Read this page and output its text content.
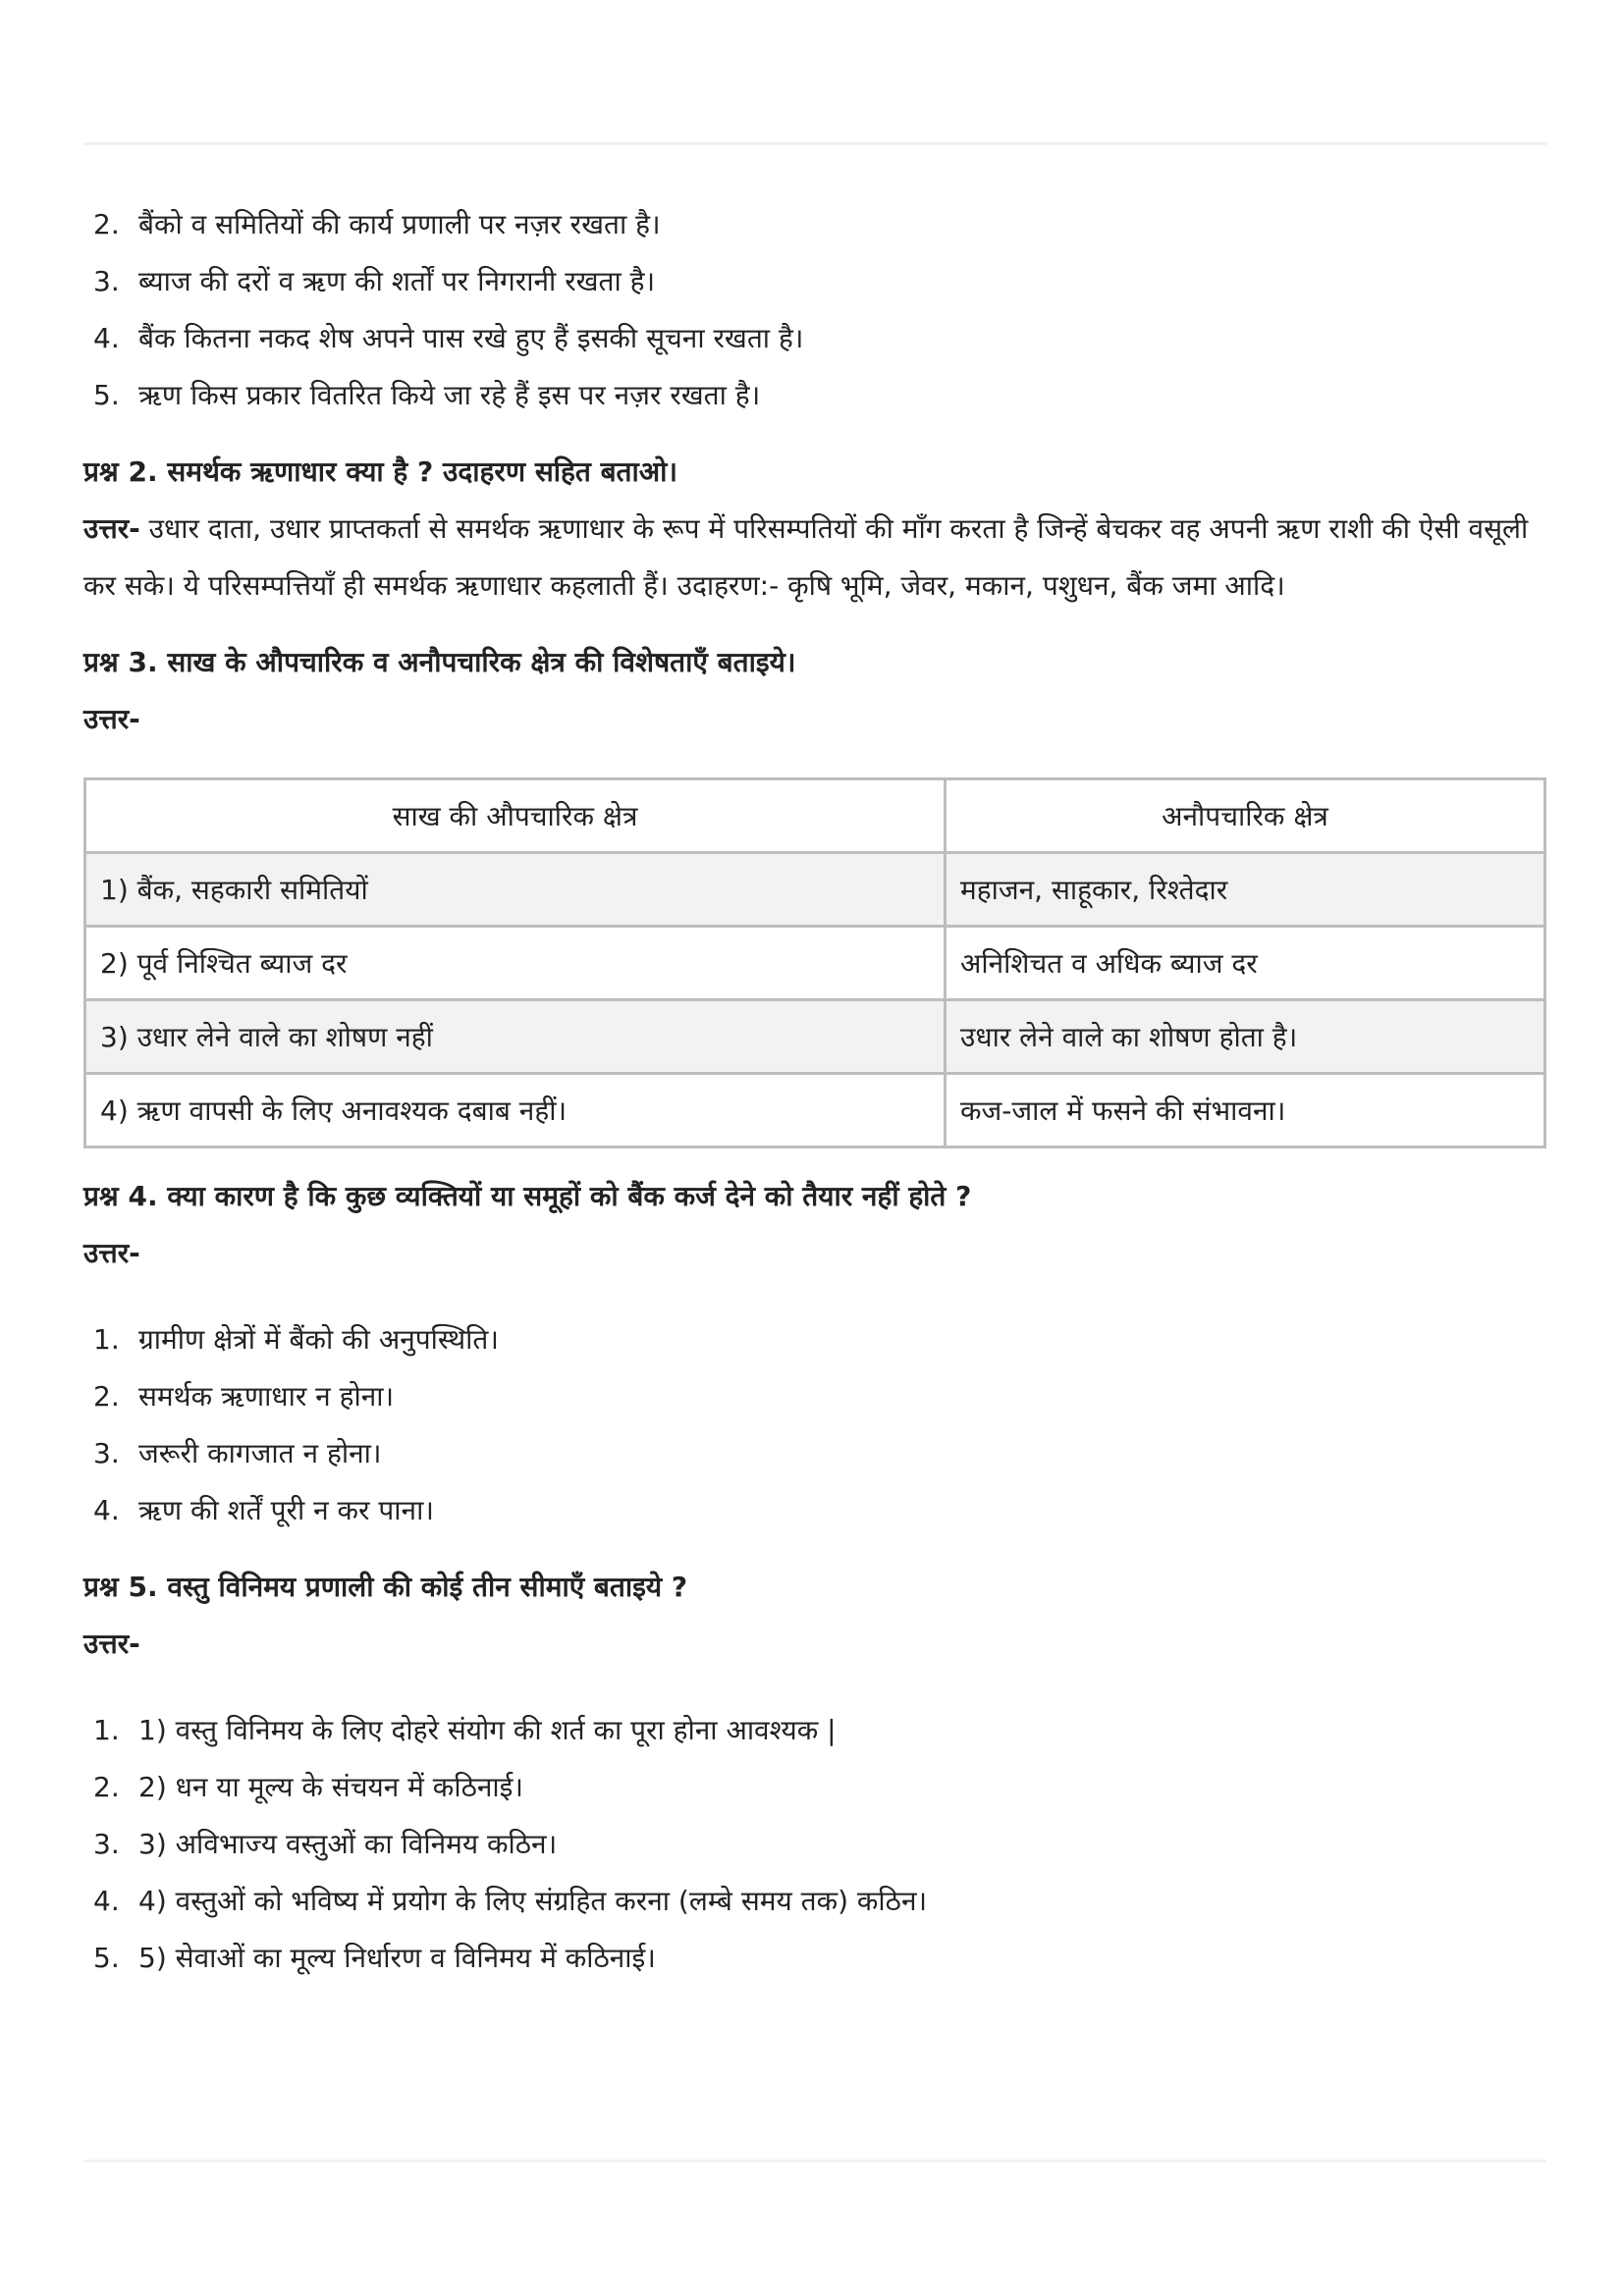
2. बैंको व समितियों की कार्य प्रणाली पर नज़र रखता है।
3. ब्याज की दरों व ऋण की शर्तों पर निगरानी रखता है।
4. बैंक कितना नकद शेष अपने पास रखे हुए हैं इसकी सूचना रखता है।
5. ऋण किस प्रकार वितरित किये जा रहे हैं इस पर नज़र रखता है।
प्रश्न 2. समर्थक ऋणाधार क्या है ? उदाहरण सहित बताओ।
उत्तर- उधार दाता, उधार प्राप्तकर्ता से समर्थक ऋणाधार के रूप में परिसम्पतियों की माँग करता है जिन्हें बेचकर वह अपनी ऋण राशी की ऐसी वसूली कर सके। ये परिसम्पत्तियाँ ही समर्थक ऋणाधार कहलाती हैं। उदाहरण:- कृषि भूमि, जेवर, मकान, पशुधन, बैंक जमा आदि।
प्रश्न 3. साख के औपचारिक व अनौपचारिक क्षेत्र की विशेषताएँ बताइये।
उत्तर-
साख की औपचारिक क्षेत्र	अनौपचारिक क्षेत्र
1) बैंक, सहकारी समितियों	महाजन, साहूकार, रिश्तेदार
2) पूर्व निश्चित ब्याज दर	अनिशिचत व अधिक ब्याज दर
3) उधार लेने वाले का शोषण नहीं	उधार लेने वाले का शोषण होता है।
4) ऋण वापसी के लिए अनावश्यक दबाब नहीं।	कज-जाल में फसने की संभावना।
प्रश्न 4. क्या कारण है कि कुछ व्यक्तियों या समूहों को बैंक कर्ज देने को तैयार नहीं होते ?
उत्तर-
1. ग्रामीण क्षेत्रों में बैंको की अनुपस्थिति।
2. समर्थक ऋणाधार न होना।
3. जरूरी कागजात न होना।
4. ऋण की शर्तें पूरी न कर पाना।
प्रश्न 5. वस्तु विनिमय प्रणाली की कोई तीन सीमाएँ बताइये ?
उत्तर-
1. 1) वस्तु विनिमय के लिए दोहरे संयोग की शर्त का पूरा होना आवश्यक |
2. 2) धन या मूल्य के संचयन में कठिनाई।
3. 3) अविभाज्य वस्तुओं का विनिमय कठिन।
4. 4) वस्तुओं को भविष्य में प्रयोग के लिए संग्रहित करना (लम्बे समय तक) कठिन।
5. 5) सेवाओं का मूल्य निर्धारण व विनिमय में कठिनाई।
